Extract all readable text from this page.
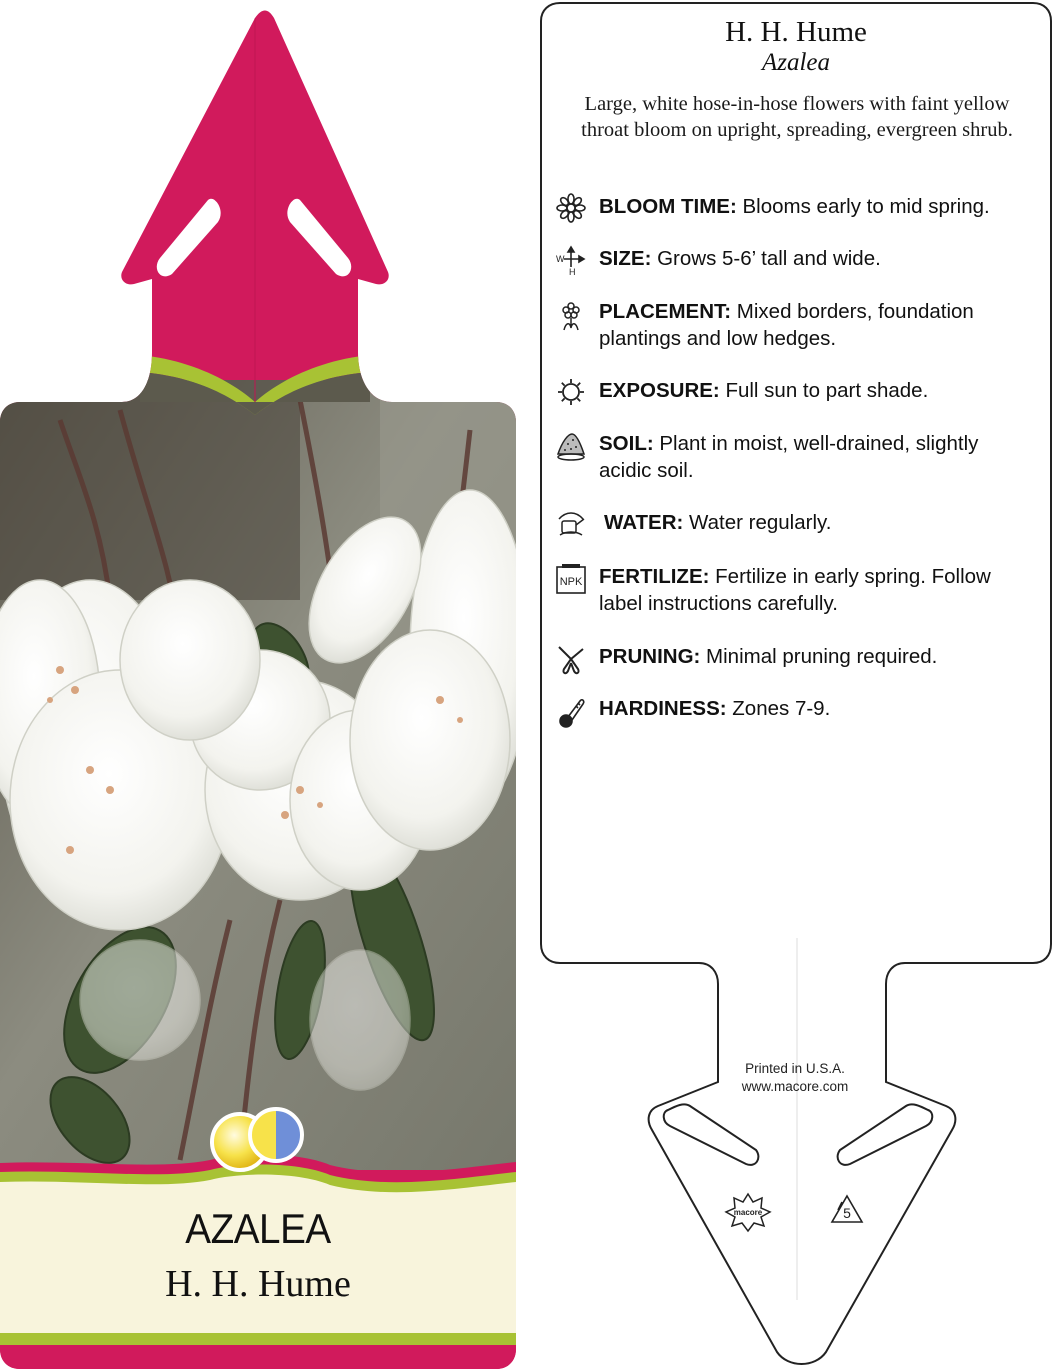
AZALEA
H. H. Hume
H. H. Hume
Azalea
Large, white hose-in-hose flowers with faint yellow throat bloom on upright, spreading, evergreen shrub.
BLOOM TIME: Blooms early to mid spring.
W
H
SIZE: Grows 5-6’ tall and wide.
PLACEMENT: Mixed borders, foundation plantings and low hedges.
EXPOSURE: Full sun to part shade.
SOIL: Plant in moist, well-drained, slightly acidic soil.
WATER: Water regularly.
NPK FERTILIZE: Fertilize in early spring. Follow label instructions carefully.
PRUNING: Minimal pruning required.
HARDINESS: Zones 7-9.
Printed in U.S.A.
www.macore.com
macore	5
